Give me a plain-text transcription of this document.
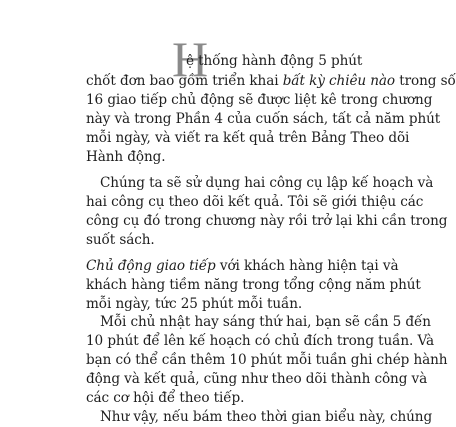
H
ệ thống hành động 5 phút
chốt đơn bao gồm triển khai bất kỳ chiêu nào trong số
16 giao tiếp chủ động sẽ được liệt kê trong chương
này và trong Phần 4 của cuốn sách, tất cả năm phút
mỗi ngày, và viết ra kết quả trên Bảng Theo dõi
Hành động.
Chúng ta sẽ sử dụng hai công cụ lập kế hoạch và
hai công cụ theo dõi kết quả. Tôi sẽ giới thiệu các
công cụ đó trong chương này rồi trở lại khi cần trong
suốt sách.
Chủ động giao tiếp với khách hàng hiện tại và
khách hàng tiềm năng trong tổng cộng năm phút
mỗi ngày, tức 25 phút mỗi tuần.
Mỗi chủ nhật hay sáng thứ hai, bạn sẽ cần 5 đến
10 phút để lên kế hoạch có chủ đích trong tuần. Và
bạn có thể cần thêm 10 phút mỗi tuần ghi chép hành
động và kết quả, cũng như theo dõi thành công và
các cơ hội để theo tiếp.
Như vậy, nếu bám theo thời gian biểu này, chúng
